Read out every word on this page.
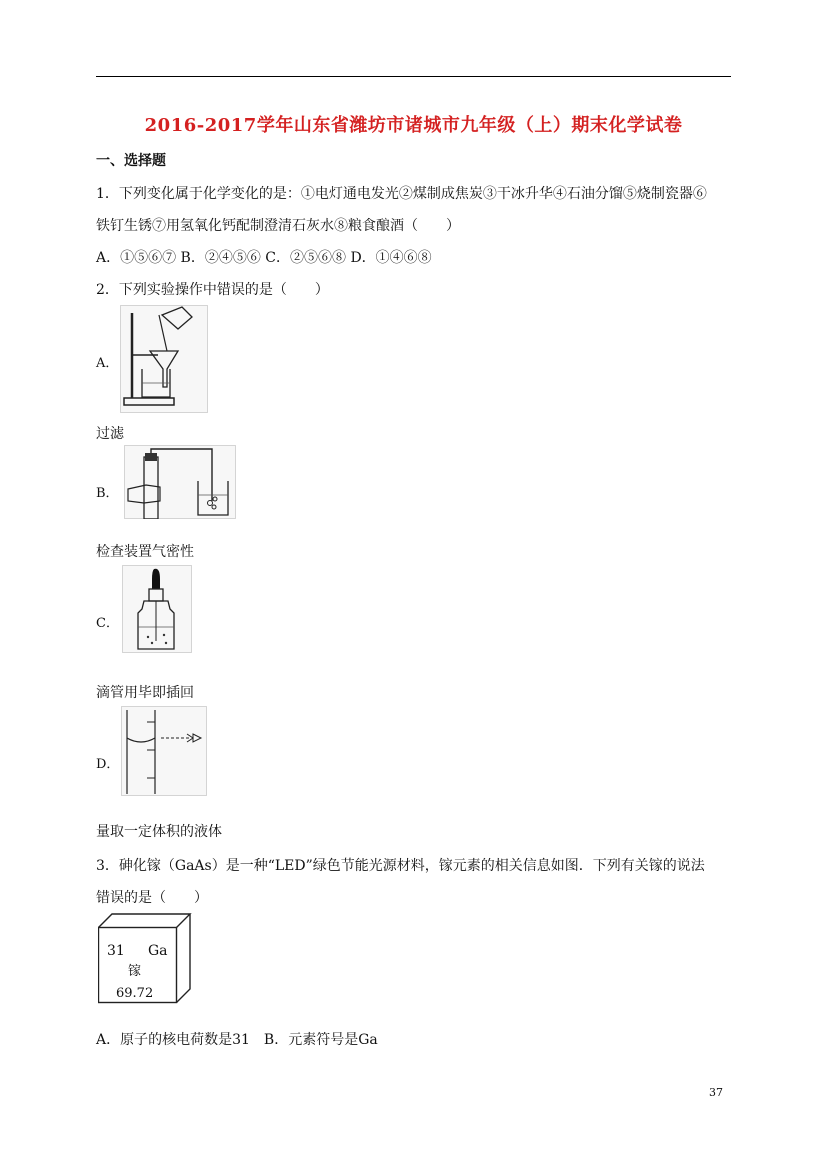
2016-2017学年山东省潍坊市诸城市九年级（上）期末化学试卷
一、选择题
1．下列变化属于化学变化的是：①电灯通电发光②煤制成焦炭③干冰升华④石油分馏⑤烧制瓷器⑥
铁钉生锈⑦用氢氧化钙配制澄清石灰水⑧粮食酿酒（　　）
A．①⑤⑥⑦ B．②④⑤⑥ C．②⑤⑥⑧ D．①④⑥⑧
2．下列实验操作中错误的是（　　）
A．
过滤
B．
检查装置气密性
C．
滴管用毕即插回
D．
量取一定体积的液体
3．砷化镓（GaAs）是一种“LED”绿色节能光源材料，镓元素的相关信息如图．下列有关镓的说法
错误的是（　　）
31 Ga
镓
69.72
A．原子的核电荷数是31　B．元素符号是Ga
37
